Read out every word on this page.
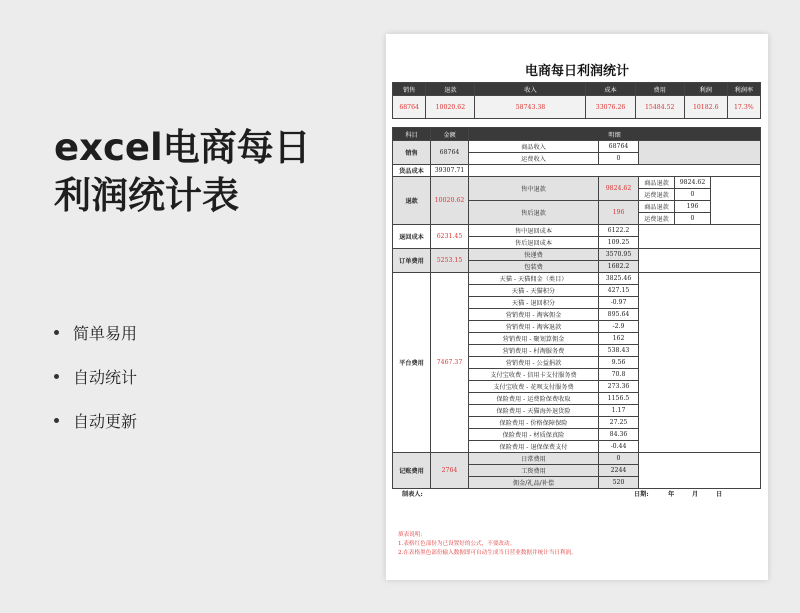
excel电商每日
利润统计表
简单易用
自动统计
自动更新
电商每日利润统计
销售	退款	收入	成本	费用	利润	利润率
68764	10020.62	58743.38	33076.26	15484.52	10182.6	17.3%
科目	金额	明细				
销售	68764	商品收入	68764			
		运费收入	0			
货品成本	39307.71					
退款	10020.62	售中退款	9824.62	商品退款	9824.62	
				运费退款	0	
		售后退款	196	商品退款	196	
				运费退款	0	
退回成本	6231.45	售中退回成本	6122.2			
		售后退回成本	109.25			
订单费用	5253.15	快递费	3570.95			
		包装费	1682.2			
平台费用	7467.37	天猫 - 天猫佣金（类目）	3825.46			
		天猫 - 天猫积分	427.15			
		天猫 - 退回积分	-0.97			
		营销费用 - 淘客佣金	895.64			
		营销费用 - 淘客退款	-2.9			
		营销费用 - 聚划算佣金	162			
		营销费用 - 村淘服务费	538.43			
		营销费用 - 公益捐款	9.56			
		支付宝收费 - 信用卡支付服务费	70.8			
		支付宝收费 - 花呗支付服务费	273.36			
		保险费用 - 运费险保费收取	1156.5			
		保险费用 - 天猫海外退货险	1.17			
		保险费用 - 价格保障保险	27.25			
		保险费用 - 材质保真险	84.36			
		保险费用 - 退保保费支付	-0.44			
记账费用	2764	日常费用	0			
		工资费用	2244			
		佣金/礼品/补偿	520			
制表人:	日期:	年	月	日
填表说明：
1.表格红色部份为已设置好的公式，不要改动。
2.在表格黑色部份输入数据即可自动生成当日营业数据并统计当日利润。
